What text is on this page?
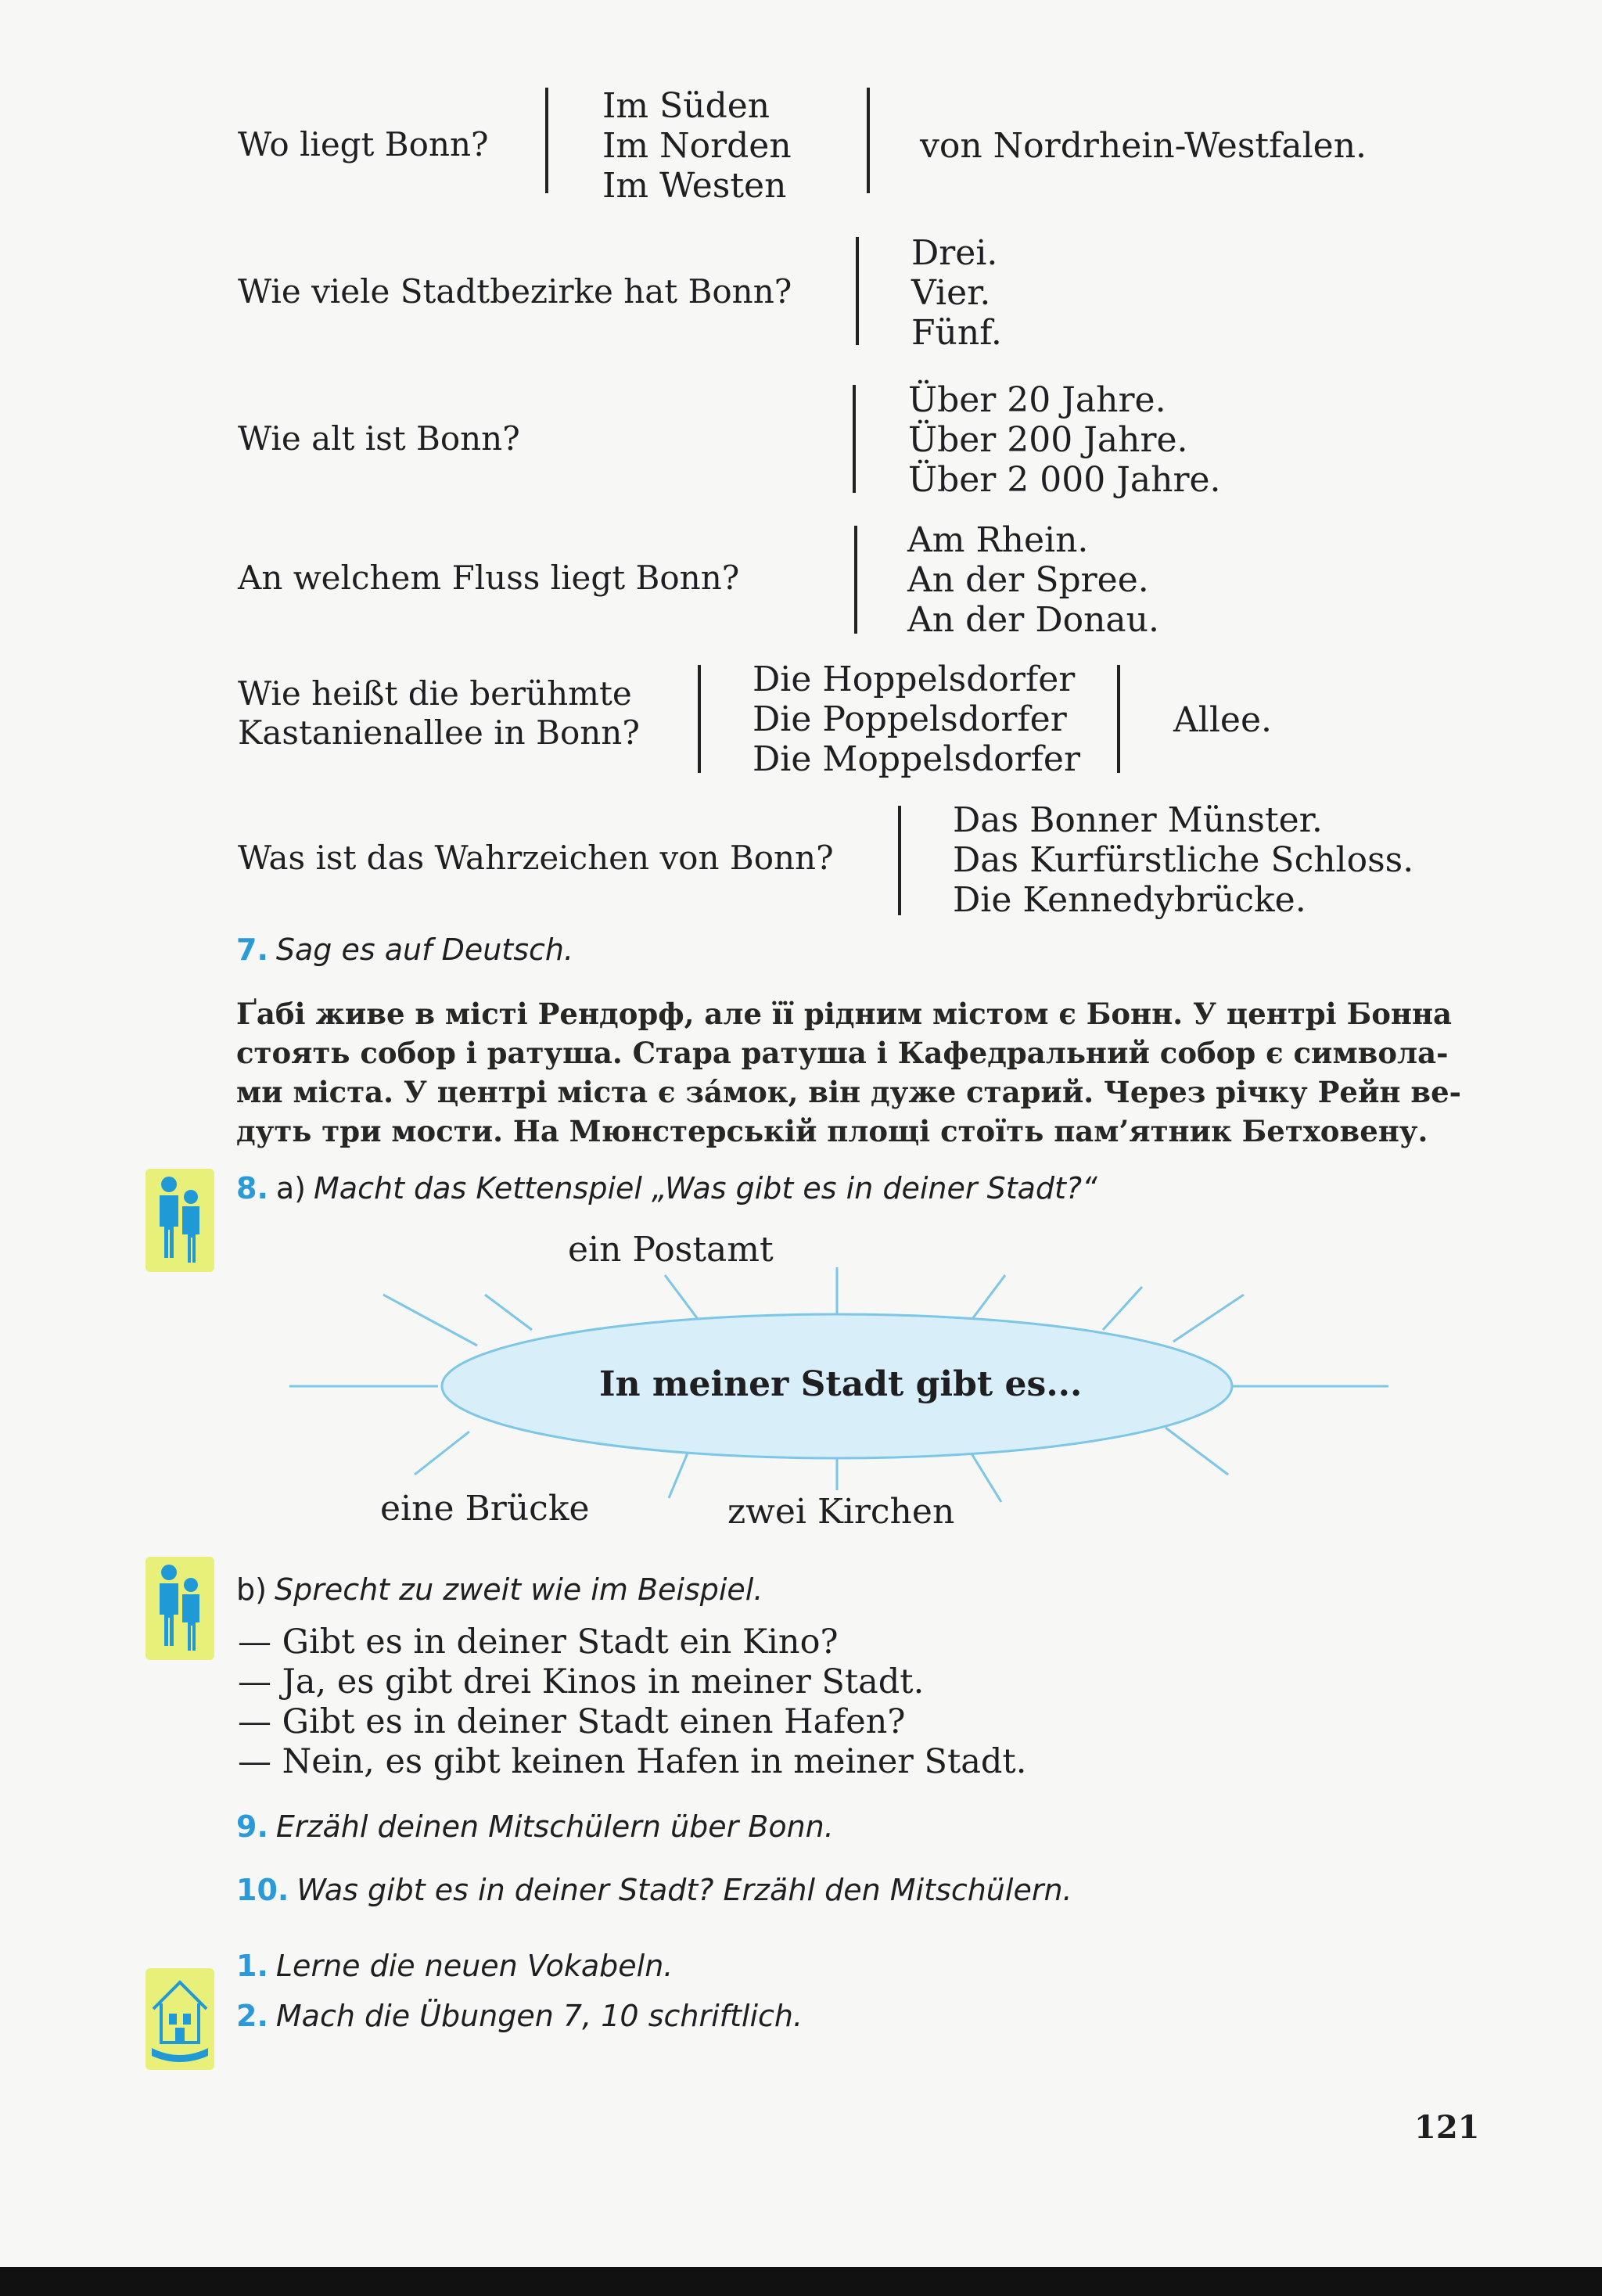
Wo liegt Bonn?
Im Süden
Im Norden
Im Westen
von Nordrhein-Westfalen.
Wie viele Stadtbezirke hat Bonn?
Drei.
Vier.
Fünf.
Wie alt ist Bonn?
Über 20 Jahre.
Über 200 Jahre.
Über 2 000 Jahre.
An welchem Fluss liegt Bonn?
Am Rhein.
An der Spree.
An der Donau.
Wie heißt die berühmte
Kastanienallee in Bonn?
Die Hoppelsdorfer
Die Poppelsdorfer
Die Moppelsdorfer
Allee.
Was ist das Wahrzeichen von Bonn?
Das Bonner Münster.
Das Kurfürstliche Schloss.
Die Kennedybrücke.
7. Sag es auf Deutsch.
Ґабі живе в місті Рендорф, але її рідним містом є Бонн. У центрі Бонна
стоять собор і ратуша. Стара ратуша і Кафедральний собор є символа-
ми міста. У центрі міста є за́мок, він дуже старий. Через річку Рейн ве-
дуть три мости. На Мюнстерській площі стоїть пам’ятник Бетховену.
8. a) Macht das Kettenspiel „Was gibt es in deiner Stadt?“
In meiner Stadt gibt es...
ein Postamt
eine Brücke	zwei Kirchen
b) Sprecht zu zweit wie im Beispiel.
— Gibt es in deiner Stadt ein Kino?
— Ja, es gibt drei Kinos in meiner Stadt.
— Gibt es in deiner Stadt einen Hafen?
— Nein, es gibt keinen Hafen in meiner Stadt.
9. Erzähl deinen Mitschülern über Bonn.
10. Was gibt es in deiner Stadt? Erzähl den Mitschülern.
1. Lerne die neuen Vokabeln.
2. Mach die Übungen 7, 10 schriftlich.
121
